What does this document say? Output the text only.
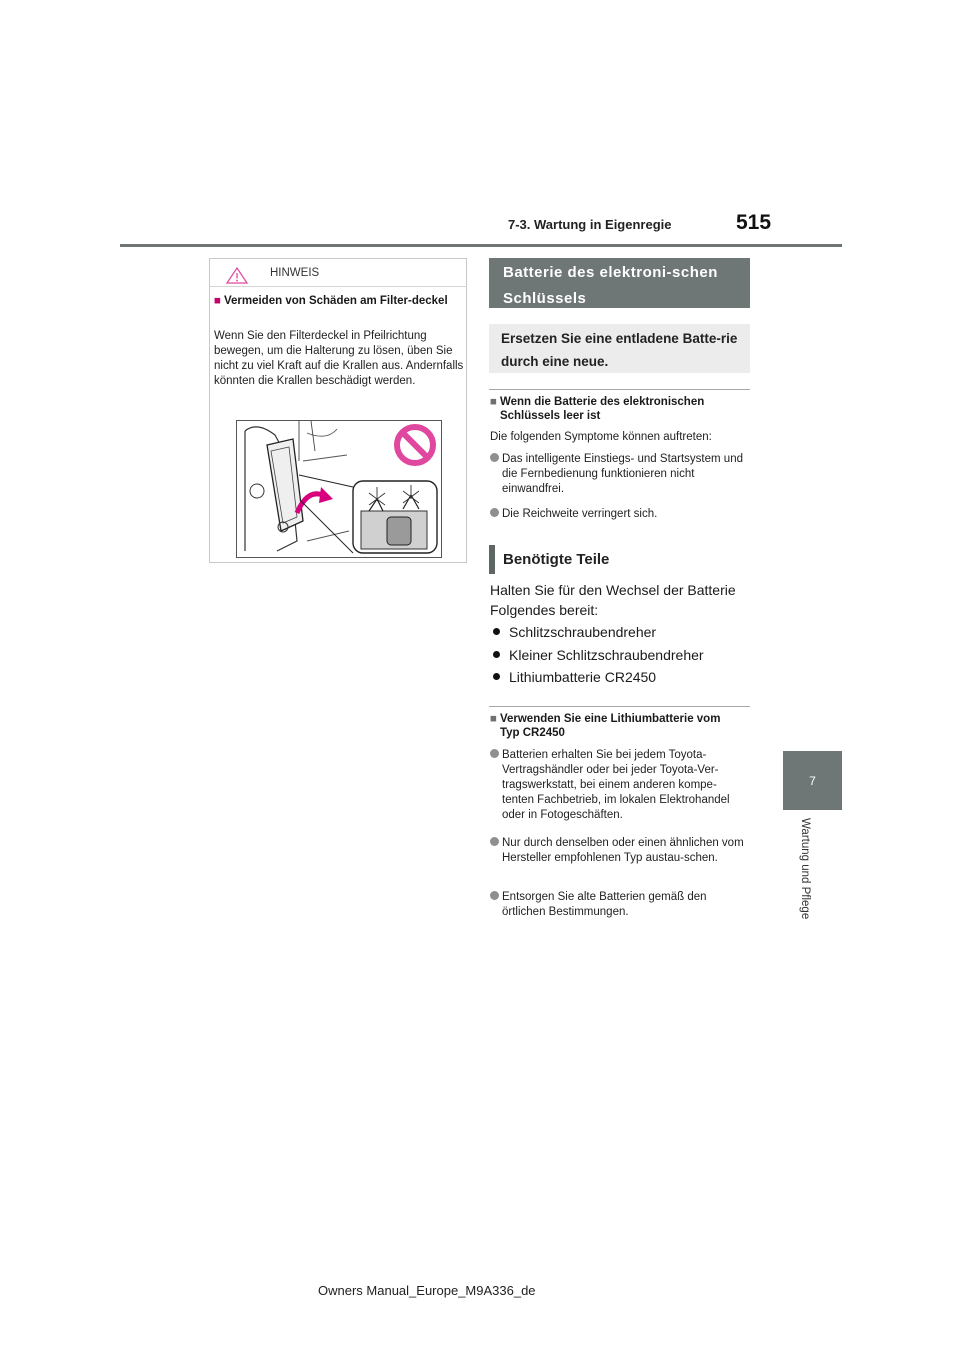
7-3. Wartung in Eigenregie	515
7
Wartung und Pflege
HINWEIS
■ Vermeiden von Schäden am Filter-deckel
Wenn Sie den Filterdeckel in Pfeilrichtung bewegen, um die Halterung zu lösen, üben Sie nicht zu viel Kraft auf die Krallen aus. Andernfalls könnten die Krallen beschädigt werden.
Batterie des elektroni-schen Schlüssels
Ersetzen Sie eine entladene Batte-rie durch eine neue.
■ Wenn die Batterie des elektronischen Schlüssels leer ist
Die folgenden Symptome können auftreten:
Das intelligente Einstiegs- und Startsystem und die Fernbedienung funktionieren nicht einwandfrei.
Die Reichweite verringert sich.
Benötigte Teile
Halten Sie für den Wechsel der Batterie Folgendes bereit:
Schlitzschraubendreher
Kleiner Schlitzschraubendreher
Lithiumbatterie CR2450
■ Verwenden Sie eine Lithiumbatterie vom Typ CR2450
Batterien erhalten Sie bei jedem Toyota-Vertragshändler oder bei jeder Toyota-Ver-tragswerkstatt, bei einem anderen kompe-tenten Fachbetrieb, im lokalen Elektrohandel oder in Fotogeschäften.
Nur durch denselben oder einen ähnlichen vom Hersteller empfohlenen Typ austau-schen.
Entsorgen Sie alte Batterien gemäß den örtlichen Bestimmungen.
Owners Manual_Europe_M9A336_de
